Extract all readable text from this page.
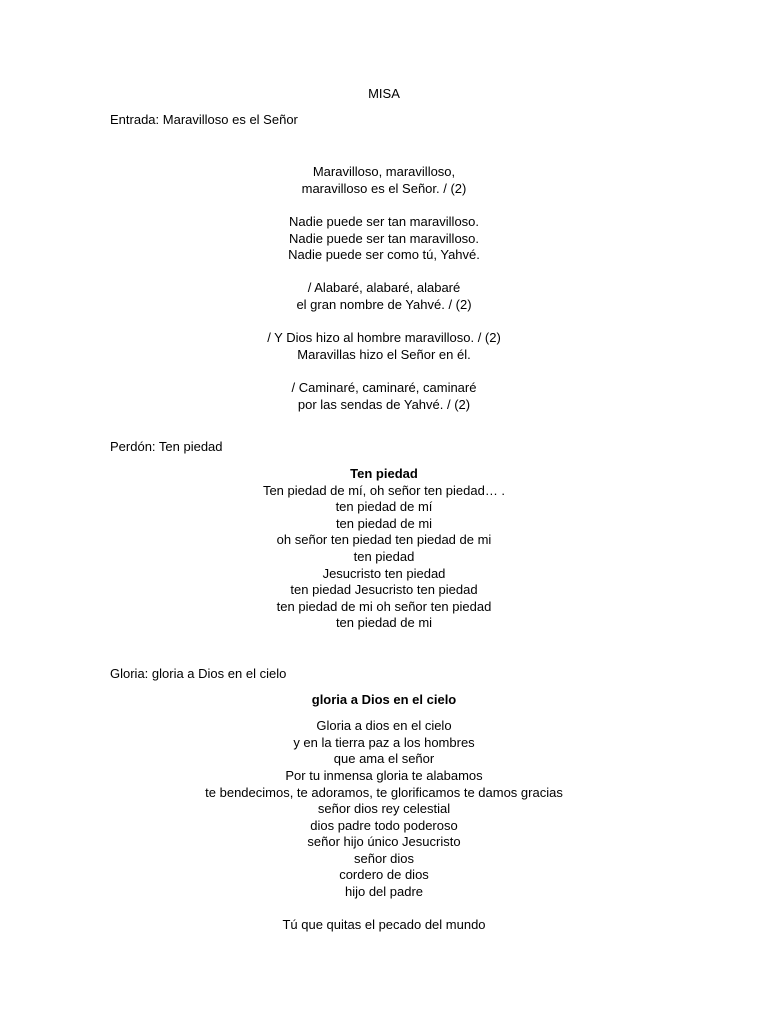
MISA
Entrada: Maravilloso es el Señor
Maravilloso, maravilloso,
maravilloso es el Señor. / (2)
Nadie puede ser tan maravilloso.
Nadie puede ser tan maravilloso.
Nadie puede ser como tú, Yahvé.
/ Alabaré, alabaré, alabaré
el gran nombre de Yahvé. / (2)
/ Y Dios hizo al hombre maravilloso. / (2)
Maravillas hizo el Señor en él.
/ Caminaré, caminaré, caminaré
por las sendas de Yahvé. / (2)
Perdón: Ten piedad
Ten piedad
Ten piedad de mí, oh señor ten piedad… .
ten piedad de mí
ten piedad de mi
oh señor ten piedad ten piedad de mi
ten piedad
Jesucristo ten piedad
ten piedad Jesucristo ten piedad
ten piedad de mi oh señor ten piedad
ten piedad de mi
Gloria: gloria a Dios en el cielo
gloria a Dios en el cielo
Gloria a dios en el cielo
y en la tierra paz a los hombres
que ama el señor
Por tu inmensa gloria te alabamos
te bendecimos, te adoramos, te glorificamos te damos gracias
señor dios rey celestial
dios padre todo poderoso
señor hijo único Jesucristo
señor dios
cordero de dios
hijo del padre
Tú que quitas el pecado del mundo
